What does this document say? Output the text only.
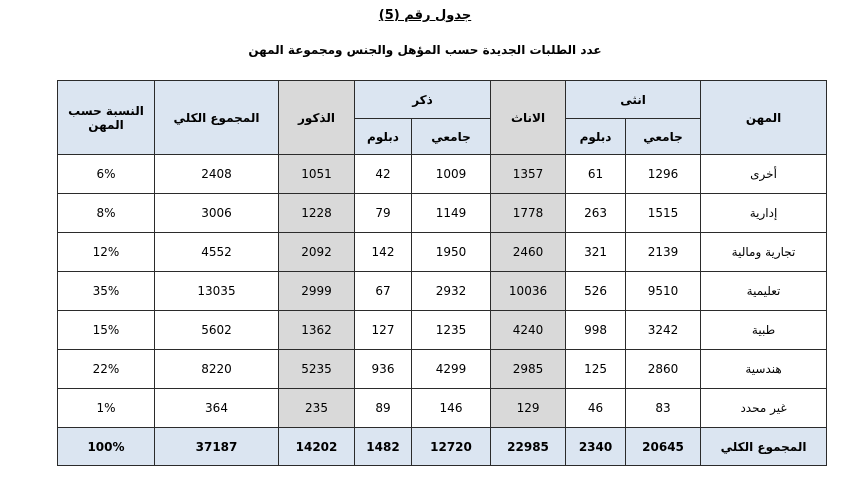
جدول رقم (5)
عدد الطلبات الجديدة حسب المؤهل والجنس ومجموعة المهن
النسبة حسب المهن	المجموع الكلي	الذكور	ذكر		الاناث	انثى		المهن
			دبلوم	جامعي		دبلوم	جامعي	
6%	2408	1051	42	1009	1357	61	1296	أخرى
8%	3006	1228	79	1149	1778	263	1515	إدارية
12%	4552	2092	142	1950	2460	321	2139	تجارية ومالية
35%	13035	2999	67	2932	10036	526	9510	تعليمية
15%	5602	1362	127	1235	4240	998	3242	طبية
22%	8220	5235	936	4299	2985	125	2860	هندسية
1%	364	235	89	146	129	46	83	غير محدد
100%	37187	14202	1482	12720	22985	2340	20645	المجموع الكلي
